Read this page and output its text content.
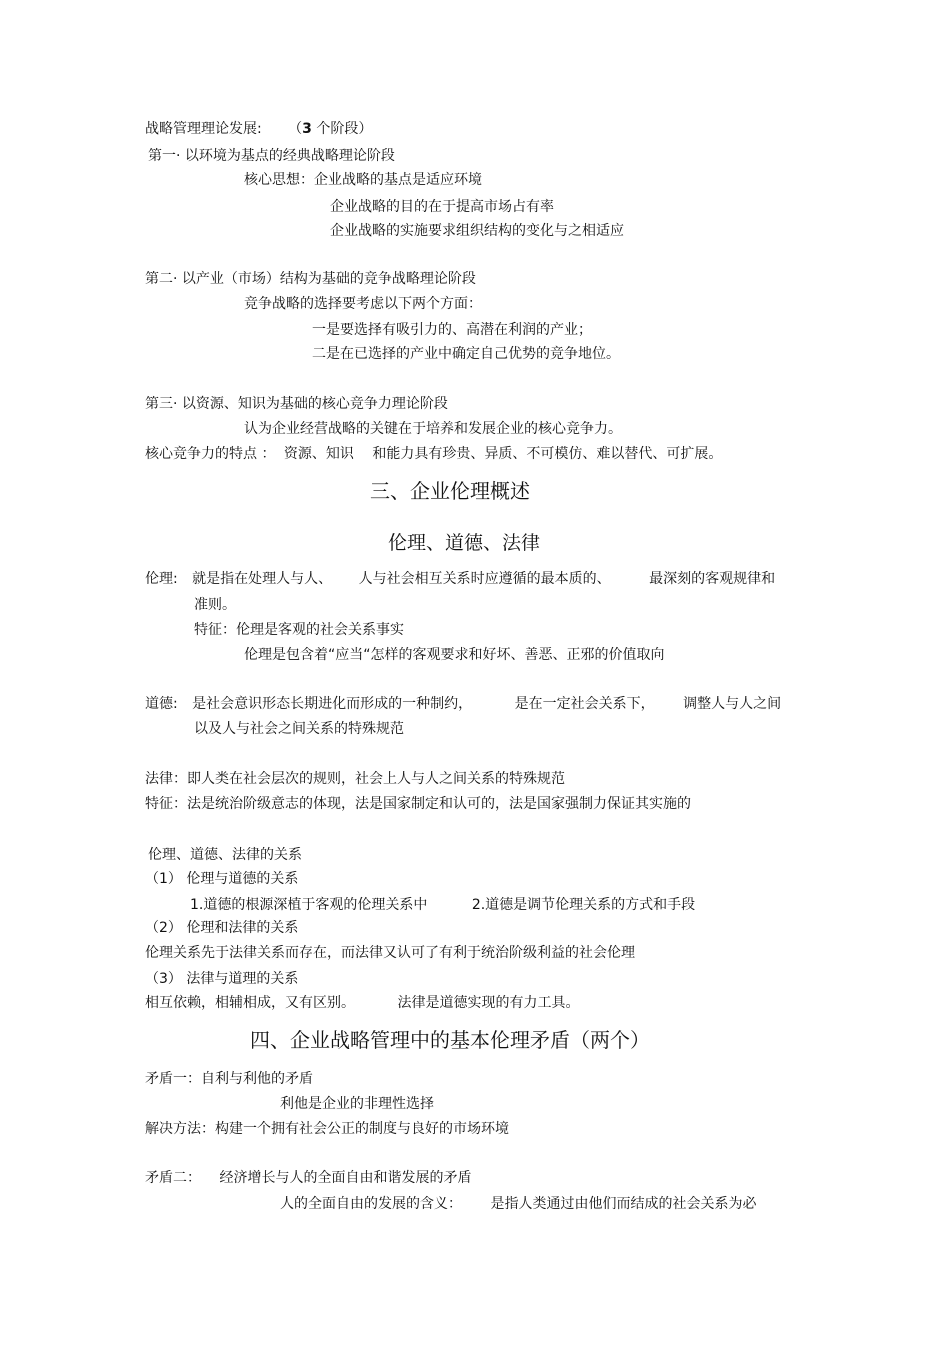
战略管理理论发展: （3 个阶段）
第一· 以环境为基点的经典战略理论阶段
核心思想：企业战略的基点是适应环境
企业战略的目的在于提高市场占有率
企业战略的实施要求组织结构的变化与之相适应
第二· 以产业（市场）结构为基础的竞争战略理论阶段
竞争战略的选择要考虑以下两个方面：
一是要选择有吸引力的、高潜在利润的产业；
二是在已选择的产业中确定自己优势的竞争地位。
第三· 以资源、知识为基础的核心竞争力理论阶段
认为企业经营战略的关键在于培养和发展企业的核心竞争力。
核心竞争力的特点 ： 资源、知识 和能力具有珍贵、异质、不可模仿、难以替代、可扩展。
三、企业伦理概述
伦理、道德、法律
伦理: 就是指在处理人与人、 人与社会相互关系时应遵循的最本质的、	最深刻的客观规律和
准则。
特征：伦理是客观的社会关系事实
伦理是包含着“应当“怎样的客观要求和好坏、善恶、正邪的价值取向
道德: 是社会意识形态长期进化而形成的一种制约，	是在一定社会关系下， 调整人与人之间
以及人与社会之间关系的特殊规范
法律：即人类在社会层次的规则，社会上人与人之间关系的特殊规范
特征：法是统治阶级意志的体现，法是国家制定和认可的，法是国家强制力保证其实施的
伦理、道德、法律的关系
（1） 伦理与道德的关系
1.道德的根源深植于客观的伦理关系中	2.道德是调节伦理关系的方式和手段
（2） 伦理和法律的关系
伦理关系先于法律关系而存在，而法律又认可了有利于统治阶级利益的社会伦理
（3） 法律与道理的关系
相互依赖，相辅相成，又有区别。	法律是道德实现的有力工具。
四、企业战略管理中的基本伦理矛盾（两个）
矛盾一：自利与利他的矛盾
利他是企业的非理性选择
解决方法：构建一个拥有社会公正的制度与良好的市场环境
矛盾二： 经济增长与人的全面自由和谐发展的矛盾
人的全面自由的发展的含义： 是指人类通过由他们而结成的社会关系为必
